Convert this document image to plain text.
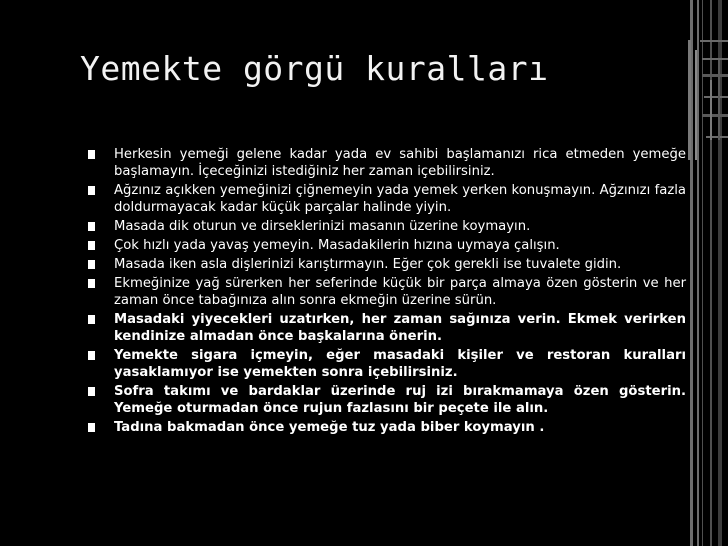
Yemekte görgü kuralları
Herkesin yemeği gelene kadar yada ev sahibi başlamanızı rica etmeden yemeğe başlamayın. İçeceğinizi istediğiniz her zaman içebilirsiniz.
Ağzınız açıkken yemeğinizi çiğnemeyin yada yemek yerken konuşmayın. Ağzınızı fazla doldurmayacak kadar küçük parçalar halinde yiyin.
Masada dik oturun ve dirseklerinizi masanın üzerine koymayın.
Çok hızlı yada yavaş yemeyin. Masadakilerin hızına uymaya çalışın.
Masada iken asla dişlerinizi karıştırmayın. Eğer çok gerekli ise tuvalete gidin.
Ekmeğinize yağ sürerken her seferinde küçük bir parça almaya özen gösterin ve her zaman önce tabağınıza alın sonra ekmeğin üzerine sürün.
Masadaki yiyecekleri uzatırken, her zaman sağınıza verin. Ekmek verirken kendinize almadan önce başkalarına önerin.
Yemekte sigara içmeyin, eğer masadaki kişiler ve restoran kuralları yasaklamıyor ise yemekten sonra içebilirsiniz.
Sofra takımı ve bardaklar üzerinde ruj izi bırakmamaya özen gösterin. Yemeğe oturmadan önce rujun fazlasını bir peçete ile alın.
Tadına bakmadan önce yemeğe tuz yada biber koymayın .
